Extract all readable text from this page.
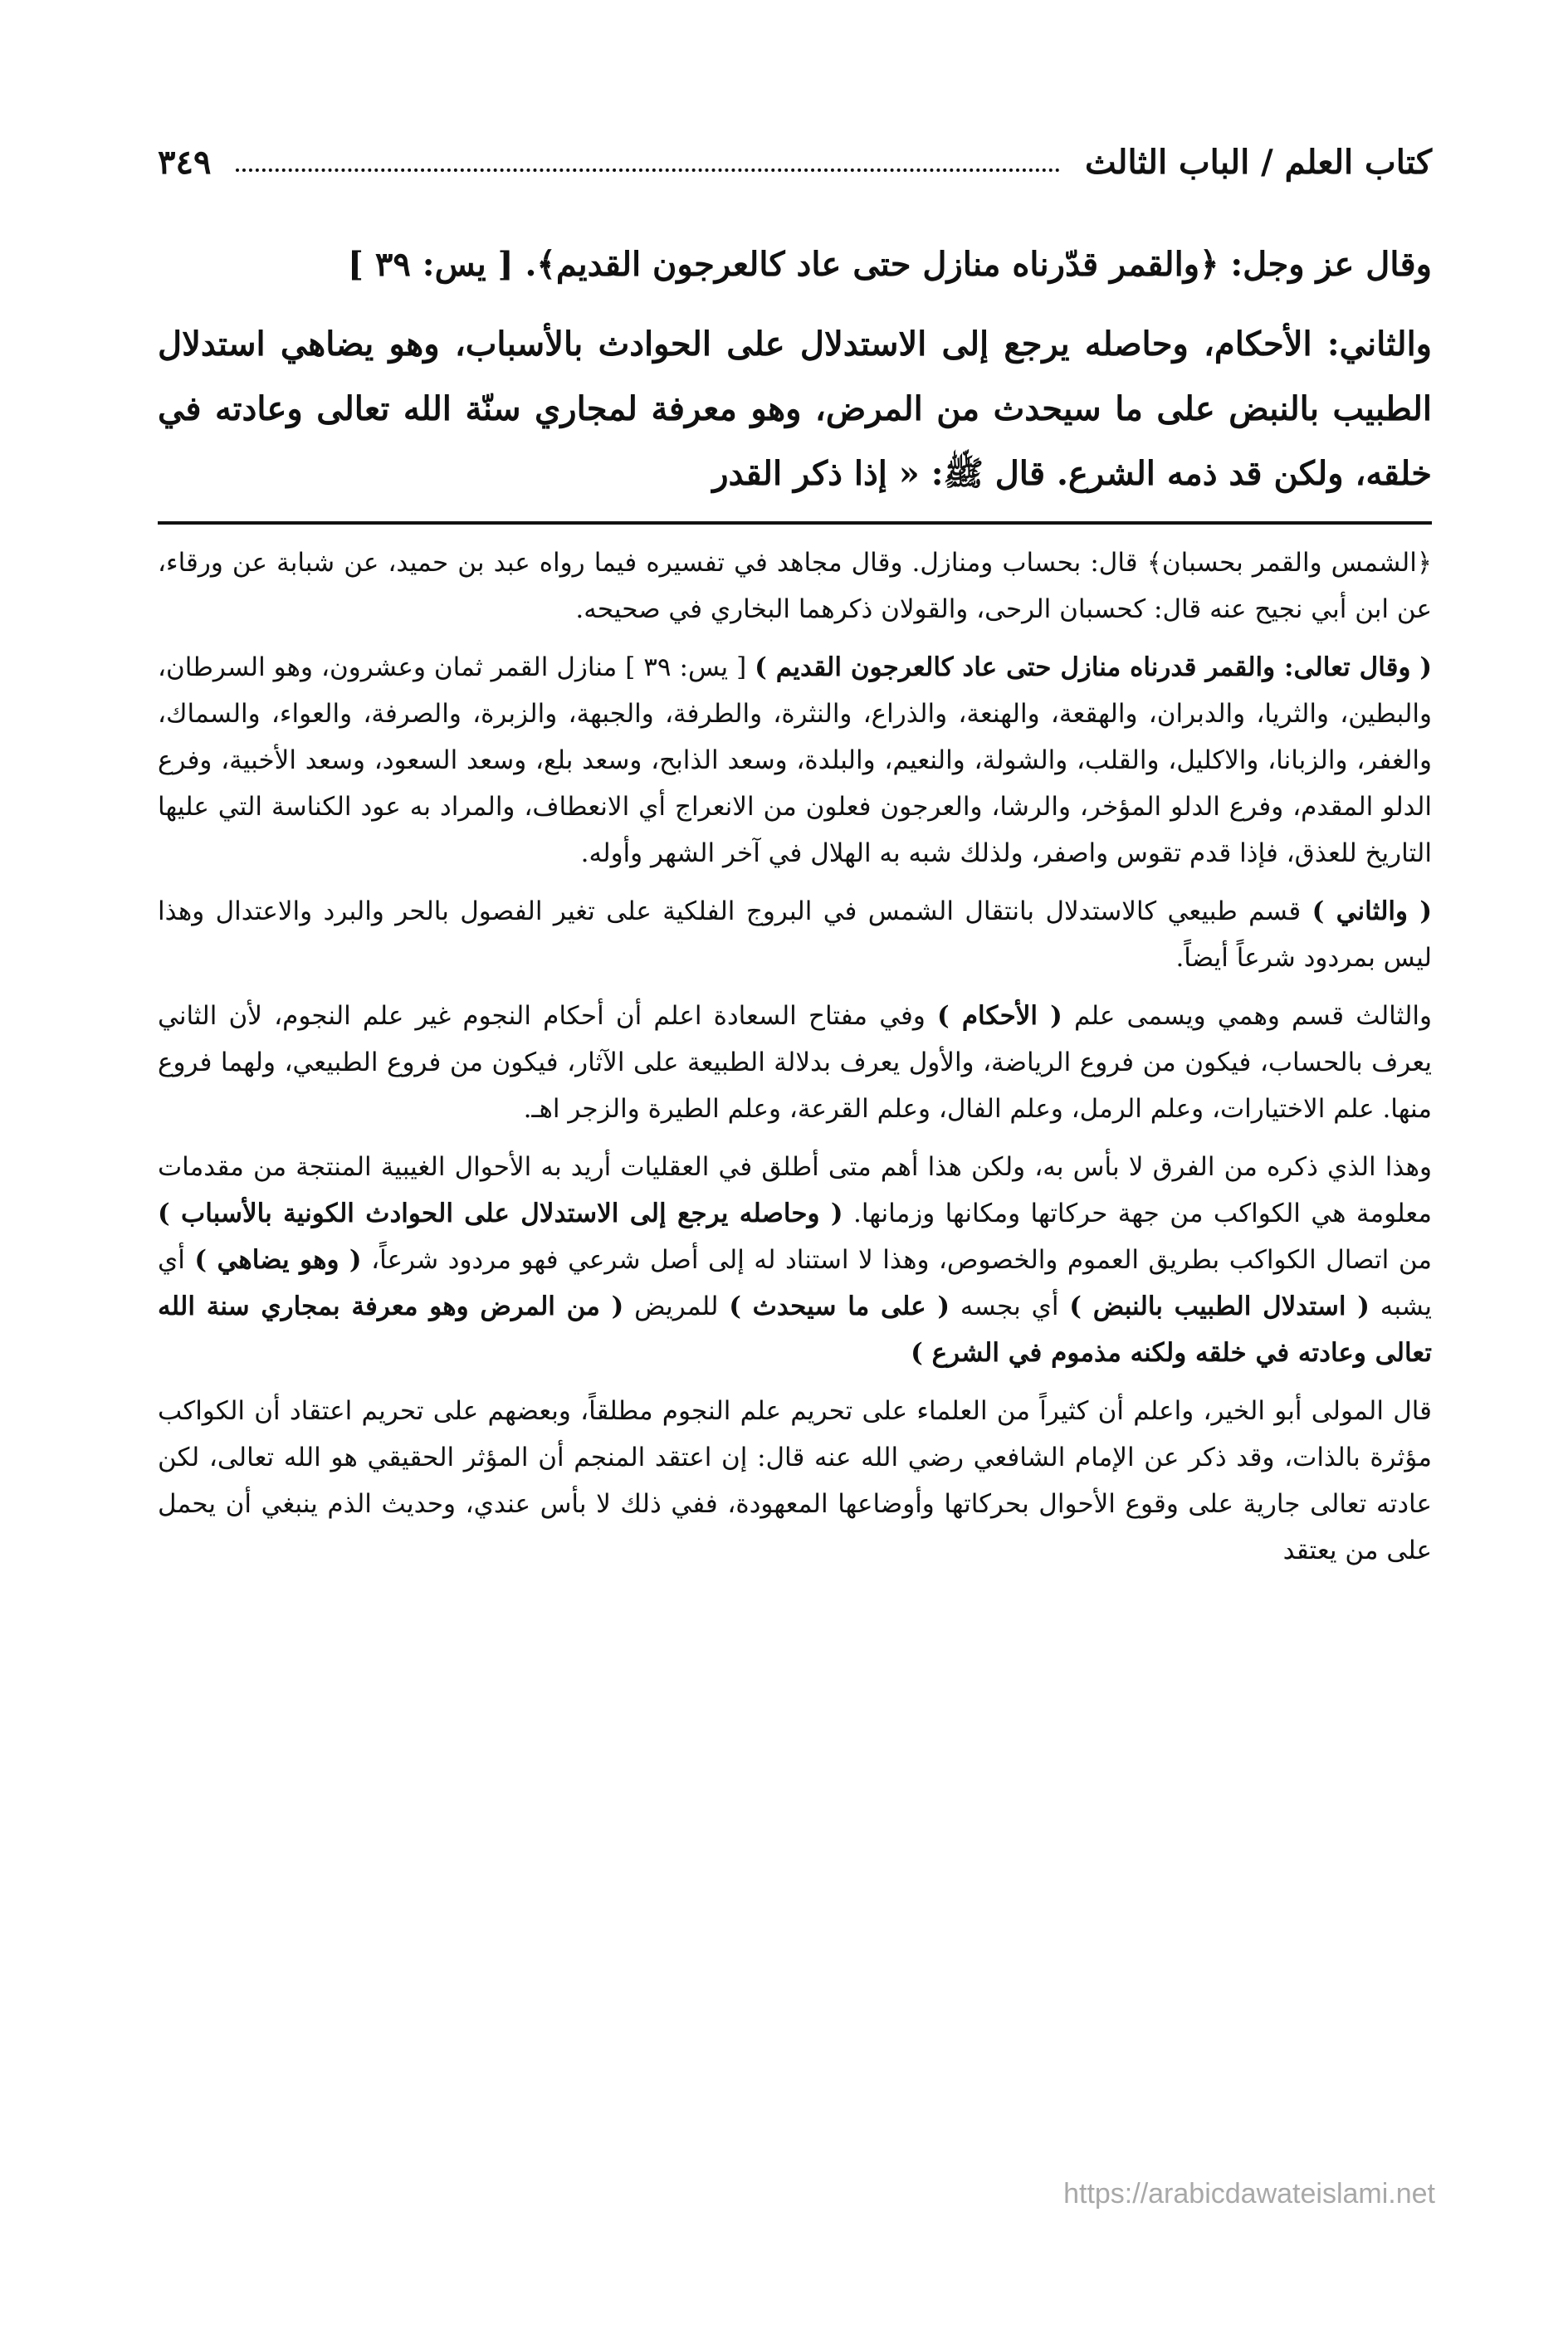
كتاب العلم / الباب الثالث
٣٤٩

وقال عز وجل: ﴿والقمر قدّرناه منازل حتى عاد كالعرجون القديم﴾. [ يس: ٣٩ ]

والثاني: الأحكام، وحاصله يرجع إلى الاستدلال على الحوادث بالأسباب، وهو يضاهي استدلال الطبيب بالنبض على ما سيحدث من المرض، وهو معرفة لمجاري سنّة الله تعالى وعادته في خلقه، ولكن قد ذمه الشرع. قال ﷺ: « إذا ذكر القدر

﴿الشمس والقمر بحسبان﴾ قال: بحساب ومنازل. وقال مجاهد في تفسيره فيما رواه عبد بن حميد، عن شبابة عن ورقاء، عن ابن أبي نجيح عنه قال: كحسبان الرحى، والقولان ذكرهما البخاري في صحيحه.

( وقال تعالى: والقمر قدرناه منازل حتى عاد كالعرجون القديم ) [ يس: ٣٩ ] منازل القمر ثمان وعشرون، وهو السرطان، والبطين، والثريا، والدبران، والهقعة، والهنعة، والذراع، والنثرة، والطرفة، والجبهة، والزبرة، والصرفة، والعواء، والسماك، والغفر، والزبانا، والاكليل، والقلب، والشولة، والنعيم، والبلدة، وسعد الذابح، وسعد بلع، وسعد السعود، وسعد الأخبية، وفرع الدلو المقدم، وفرع الدلو المؤخر، والرشا، والعرجون فعلون من الانعراج أي الانعطاف، والمراد به عود الكناسة التي عليها التاريخ للعذق، فإذا قدم تقوس واصفر، ولذلك شبه به الهلال في آخر الشهر وأوله.

( والثاني ) قسم طبيعي كالاستدلال بانتقال الشمس في البروج الفلكية على تغير الفصول بالحر والبرد والاعتدال وهذا ليس بمردود شرعاً أيضاً.

والثالث قسم وهمي ويسمى علم ( الأحكام ) وفي مفتاح السعادة اعلم أن أحكام النجوم غير علم النجوم، لأن الثاني يعرف بالحساب، فيكون من فروع الرياضة، والأول يعرف بدلالة الطبيعة على الآثار، فيكون من فروع الطبيعي، ولهما فروع منها. علم الاختيارات، وعلم الرمل، وعلم الفال، وعلم القرعة، وعلم الطيرة والزجر اهـ.

وهذا الذي ذكره من الفرق لا بأس به، ولكن هذا أهم متى أطلق في العقليات أريد به الأحوال الغيبية المنتجة من مقدمات معلومة هي الكواكب من جهة حركاتها ومكانها وزمانها. ( وحاصله يرجع إلى الاستدلال على الحوادث الكونية بالأسباب ) من اتصال الكواكب بطريق العموم والخصوص، وهذا لا استناد له إلى أصل شرعي فهو مردود شرعاً، ( وهو يضاهي ) أي يشبه ( استدلال الطبيب بالنبض ) أي بجسه ( على ما سيحدث ) للمريض ( من المرض وهو معرفة بمجاري سنة الله تعالى وعادته في خلقه ولكنه مذموم في الشرع )

قال المولى أبو الخير، واعلم أن كثيراً من العلماء على تحريم علم النجوم مطلقاً، وبعضهم على تحريم اعتقاد أن الكواكب مؤثرة بالذات، وقد ذكر عن الإمام الشافعي رضي الله عنه قال: إن اعتقد المنجم أن المؤثر الحقيقي هو الله تعالى، لكن عادته تعالى جارية على وقوع الأحوال بحركاتها وأوضاعها المعهودة، ففي ذلك لا بأس عندي، وحديث الذم ينبغي أن يحمل على من يعتقد

https://arabicdawateislami.net
